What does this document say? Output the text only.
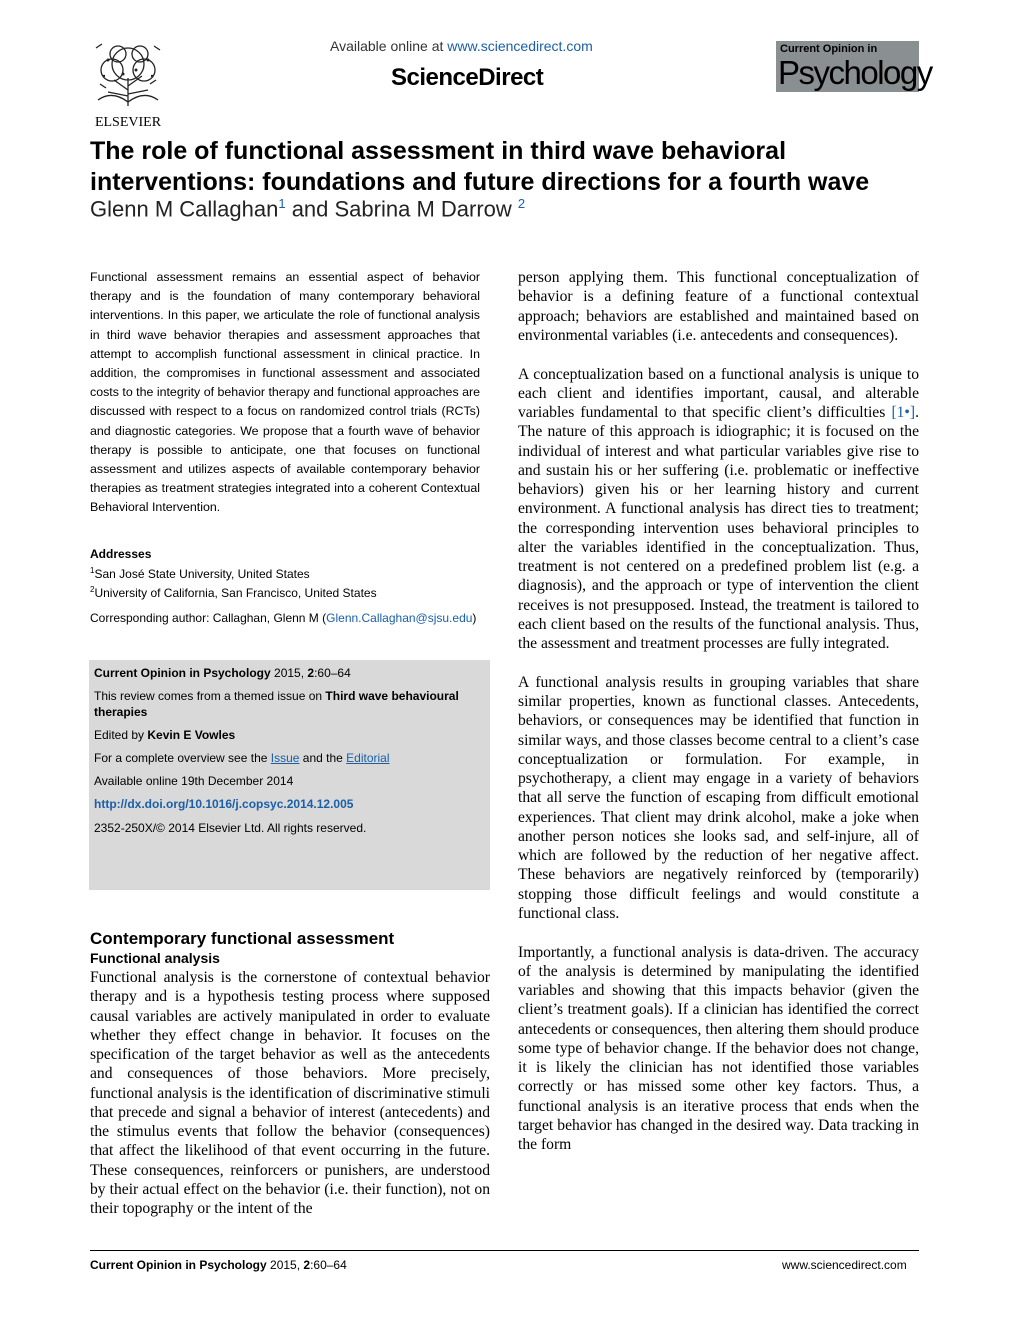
ELSEVIER
Available online at www.sciencedirect.com
ScienceDirect
Current Opinion in
Psychology
The role of functional assessment in third wave behavioral interventions: foundations and future directions for a fourth wave
Glenn M Callaghan$^1$ and Sabrina M Darrow $^2$
Functional assessment remains an essential aspect of behavior therapy and is the foundation of many contemporary behavioral interventions. In this paper, we articulate the role of functional analysis in third wave behavior therapies and assessment approaches that attempt to accomplish functional assessment in clinical practice. In addition, the compromises in functional assessment and associated costs to the integrity of behavior therapy and functional approaches are discussed with respect to a focus on randomized control trials (RCTs) and diagnostic categories. We propose that a fourth wave of behavior therapy is possible to anticipate, one that focuses on functional assessment and utilizes aspects of available contemporary behavior therapies as treatment strategies integrated into a coherent Contextual Behavioral Intervention.
Addresses
$^1$San José State University, United States
$^2$University of California, San Francisco, United States
Corresponding author: Callaghan, Glenn M (Glenn.Callaghan@sjsu.edu)
Current Opinion in Psychology 2015, 2:60–64
This review comes from a themed issue on Third wave behavioural therapies
Edited by Kevin E Vowles
For a complete overview see the Issue and the Editorial
Available online 19th December 2014
http://dx.doi.org/10.1016/j.copsyc.2014.12.005
2352-250X/© 2014 Elsevier Ltd. All rights reserved.
Contemporary functional assessment
Functional analysis
Functional analysis is the cornerstone of contextual behavior therapy and is a hypothesis testing process where supposed causal variables are actively manipulated in order to evaluate whether they effect change in behavior. It focuses on the specification of the target behavior as well as the antecedents and consequences of those behaviors. More precisely, functional analysis is the identification of discriminative stimuli that precede and signal a behavior of interest (antecedents) and the stimulus events that follow the behavior (consequences) that affect the likelihood of that event occurring in the future. These consequences, reinforcers or punishers, are understood by their actual effect on the behavior (i.e. their function), not on their topography or the intent of the

person applying them. This functional conceptualization of behavior is a defining feature of a functional contextual approach; behaviors are established and maintained based on environmental variables (i.e. antecedents and consequences).

A conceptualization based on a functional analysis is unique to each client and identifies important, causal, and alterable variables fundamental to that specific client’s difficulties [1•]. The nature of this approach is idiographic; it is focused on the individual of interest and what particular variables give rise to and sustain his or her suffering (i.e. problematic or ineffective behaviors) given his or her learning history and current environment. A functional analysis has direct ties to treatment; the corresponding intervention uses behavioral principles to alter the variables identified in the conceptualization. Thus, treatment is not centered on a predefined problem list (e.g. a diagnosis), and the approach or type of intervention the client receives is not presupposed. Instead, the treatment is tailored to each client based on the results of the functional analysis. Thus, the assessment and treatment processes are fully integrated.

A functional analysis results in grouping variables that share similar properties, known as functional classes. Antecedents, behaviors, or consequences may be identified that function in similar ways, and those classes become central to a client’s case conceptualization or formulation. For example, in psychotherapy, a client may engage in a variety of behaviors that all serve the function of escaping from difficult emotional experiences. That client may drink alcohol, make a joke when another person notices she looks sad, and self-injure, all of which are followed by the reduction of her negative affect. These behaviors are negatively reinforced by (temporarily) stopping those difficult feelings and would constitute a functional class.

Importantly, a functional analysis is data-driven. The accuracy of the analysis is determined by manipulating the identified variables and showing that this impacts behavior (given the client’s treatment goals). If a clinician has identified the correct antecedents or consequences, then altering them should produce some type of behavior change. If the behavior does not change, it is likely the clinician has not identified those variables correctly or has missed some other key factors. Thus, a functional analysis is an iterative process that ends when the target behavior has changed in the desired way. Data tracking in the form

Current Opinion in Psychology 2015, 2:60–64	www.sciencedirect.com
